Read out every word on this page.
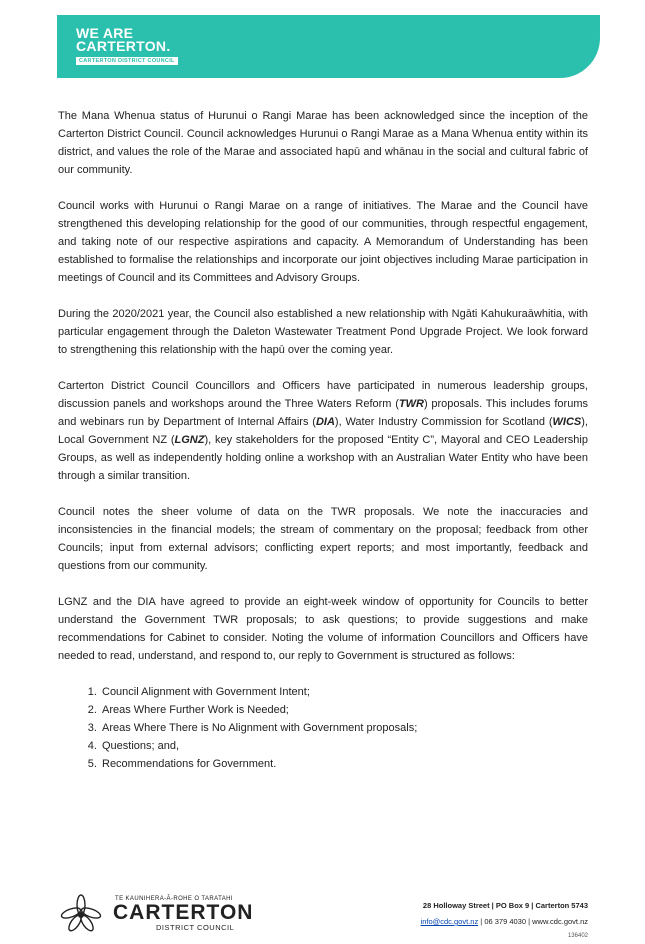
WE ARE
CARTERTON.
CARTERTON DISTRICT COUNCIL

The Mana Whenua status of Hurunui o Rangi Marae has been acknowledged since the inception of the Carterton District Council. Council acknowledges Hurunui o Rangi Marae as a Mana Whenua entity within its district, and values the role of the Marae and associated hapū and whānau in the social and cultural fabric of our community.

Council works with Hurunui o Rangi Marae on a range of initiatives. The Marae and the Council have strengthened this developing relationship for the good of our communities, through respectful engagement, and taking note of our respective aspirations and capacity. A Memorandum of Understanding has been established to formalise the relationships and incorporate our joint objectives including Marae participation in meetings of Council and its Committees and Advisory Groups.

During the 2020/2021 year, the Council also established a new relationship with Ngāti Kahukuraāwhitia, with particular engagement through the Daleton Wastewater Treatment Pond Upgrade Project. We look forward to strengthening this relationship with the hapū over the coming year.

Carterton District Council Councillors and Officers have participated in numerous leadership groups, discussion panels and workshops around the Three Waters Reform (TWR) proposals. This includes forums and webinars run by Department of Internal Affairs (DIA), Water Industry Commission for Scotland (WICS), Local Government NZ (LGNZ), key stakeholders for the proposed “Entity C”, Mayoral and CEO Leadership Groups, as well as independently holding online a workshop with an Australian Water Entity who have been through a similar transition.

Council notes the sheer volume of data on the TWR proposals. We note the inaccuracies and inconsistencies in the financial models; the stream of commentary on the proposal; feedback from other Councils; input from external advisors; conflicting expert reports; and most importantly, feedback and questions from our community.

LGNZ and the DIA have agreed to provide an eight-week window of opportunity for Councils to better understand the Government TWR proposals; to ask questions; to provide suggestions and make recommendations for Cabinet to consider. Noting the volume of information Councillors and Officers have needed to read, understand, and respond to, our reply to Government is structured as follows:

1. Council Alignment with Government Intent;
2. Areas Where Further Work is Needed;
3. Areas Where There is No Alignment with Government proposals;
4. Questions; and,
5. Recommendations for Government.
TE KAUNIHERA-Ā-ROHE O TARATAHI
CARTERTON
DISTRICT COUNCIL
28 Holloway Street | PO Box 9 | Carterton 5743
info@cdc.govt.nz | 06 379 4030 | www.cdc.govt.nz
136402
